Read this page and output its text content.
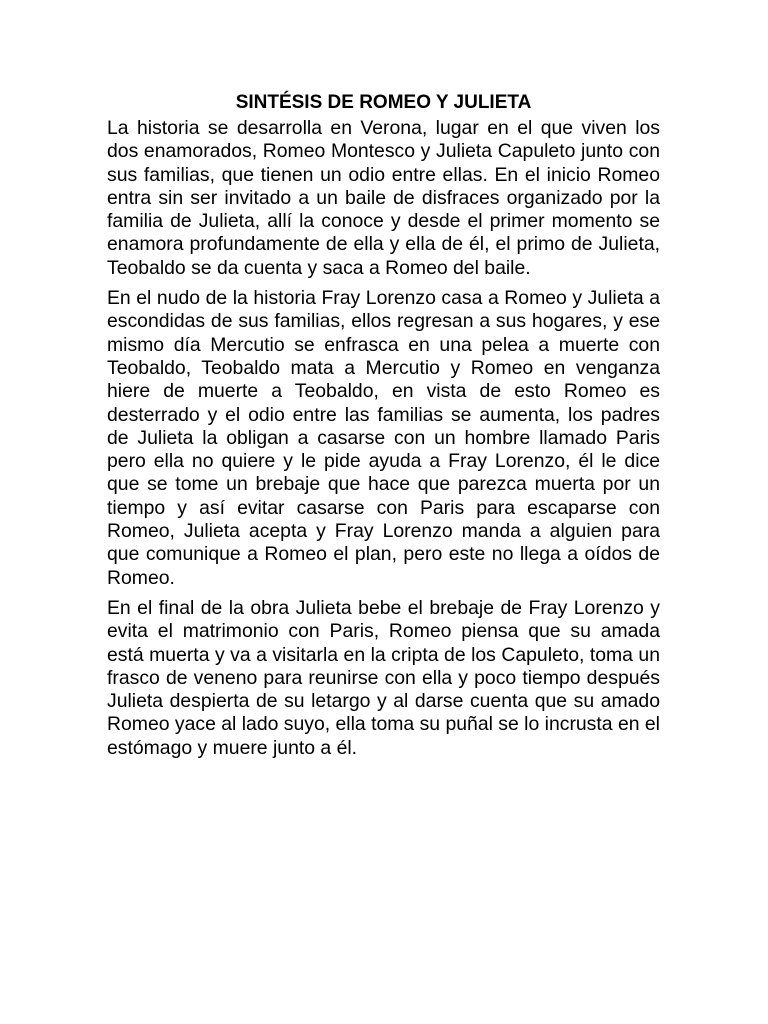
SINTÉSIS DE ROMEO Y JULIETA

La historia se desarrolla en Verona, lugar en el que viven los dos enamorados, Romeo Montesco y Julieta Capuleto junto con sus familias, que tienen un odio entre ellas. En el inicio Romeo entra sin ser invitado a un baile de disfraces organizado por la familia de Julieta, allí la conoce y desde el primer momento se enamora profundamente de ella y ella de él, el primo de Julieta, Teobaldo se da cuenta y saca a Romeo del baile.

En el nudo de la historia Fray Lorenzo casa a Romeo y Julieta a escondidas de sus familias, ellos regresan a sus hogares, y ese mismo día Mercutio se enfrasca en una pelea a muerte con Teobaldo, Teobaldo mata a Mercutio y Romeo en venganza hiere de muerte a Teobaldo, en vista de esto Romeo es desterrado y el odio entre las familias se aumenta, los padres de Julieta la obligan a casarse con un hombre llamado Paris pero ella no quiere y le pide ayuda a Fray Lorenzo, él le dice que se tome un brebaje que hace que parezca muerta por un tiempo y así evitar casarse con Paris para escaparse con Romeo, Julieta acepta y Fray Lorenzo manda a alguien para que comunique a Romeo el plan, pero este no llega a oídos de Romeo.

En el final de la obra Julieta bebe el brebaje de Fray Lorenzo y evita el matrimonio con Paris, Romeo piensa que su amada está muerta y va a visitarla en la cripta de los Capuleto, toma un frasco de veneno para reunirse con ella y poco tiempo después Julieta despierta de su letargo y al darse cuenta que su amado Romeo yace al lado suyo, ella toma su puñal se lo incrusta en el estómago y muere junto a él.
